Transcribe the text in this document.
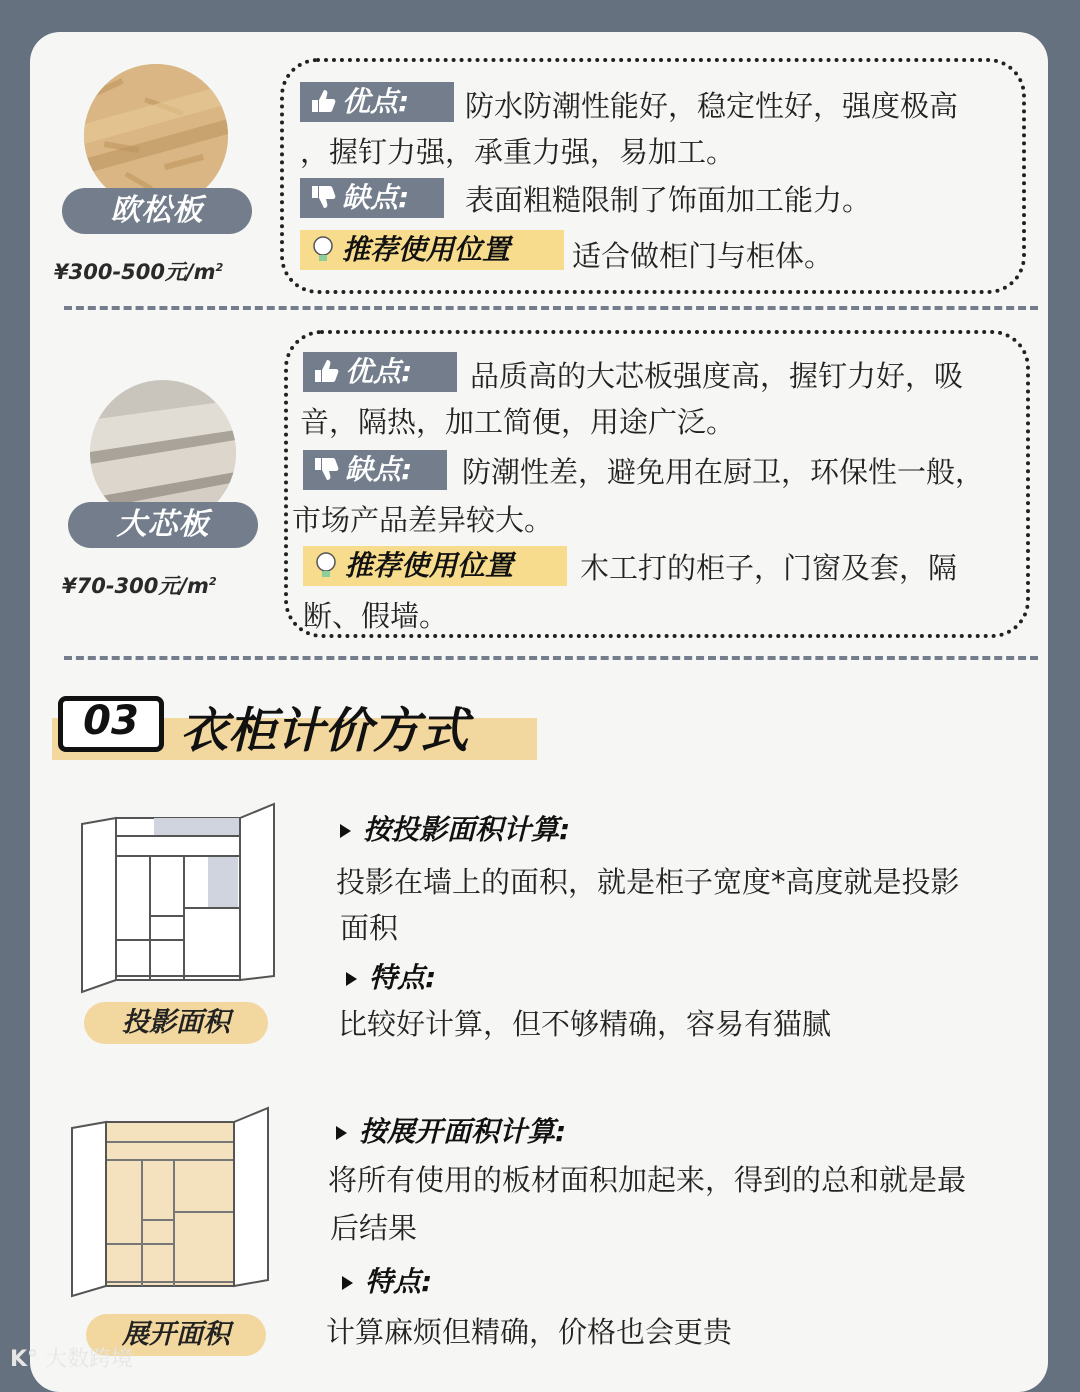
欧松板
¥300-500元$/m^2$
优点:	防水防潮性能好，稳定性好，强度极高
，握钉力强，承重力强，易加工。
缺点:	表面粗糙限制了饰面加工能力。
推荐使用位置	适合做柜门与柜体。
大芯板
¥70-300元$/m^2$
优点:	品质高的大芯板强度高，握钉力好，吸
音，隔热，加工简便，用途广泛。
缺点:	防潮性差，避免用在厨卫，环保性一般，
市场产品差异较大。
推荐使用位置	木工打的柜子，门窗及套，隔
断、假墙。
03 衣柜计价方式
投影面积
按投影面积计算:
投影在墙上的面积，就是柜子宽度*高度就是投影
面积
特点:
比较好计算，但不够精确，容易有猫腻
展开面积
按展开面积计算:
将所有使用的板材面积加起来，得到的总和就是最
后结果
特点:
计算麻烦但精确，价格也会更贵
K° 大数跨境
